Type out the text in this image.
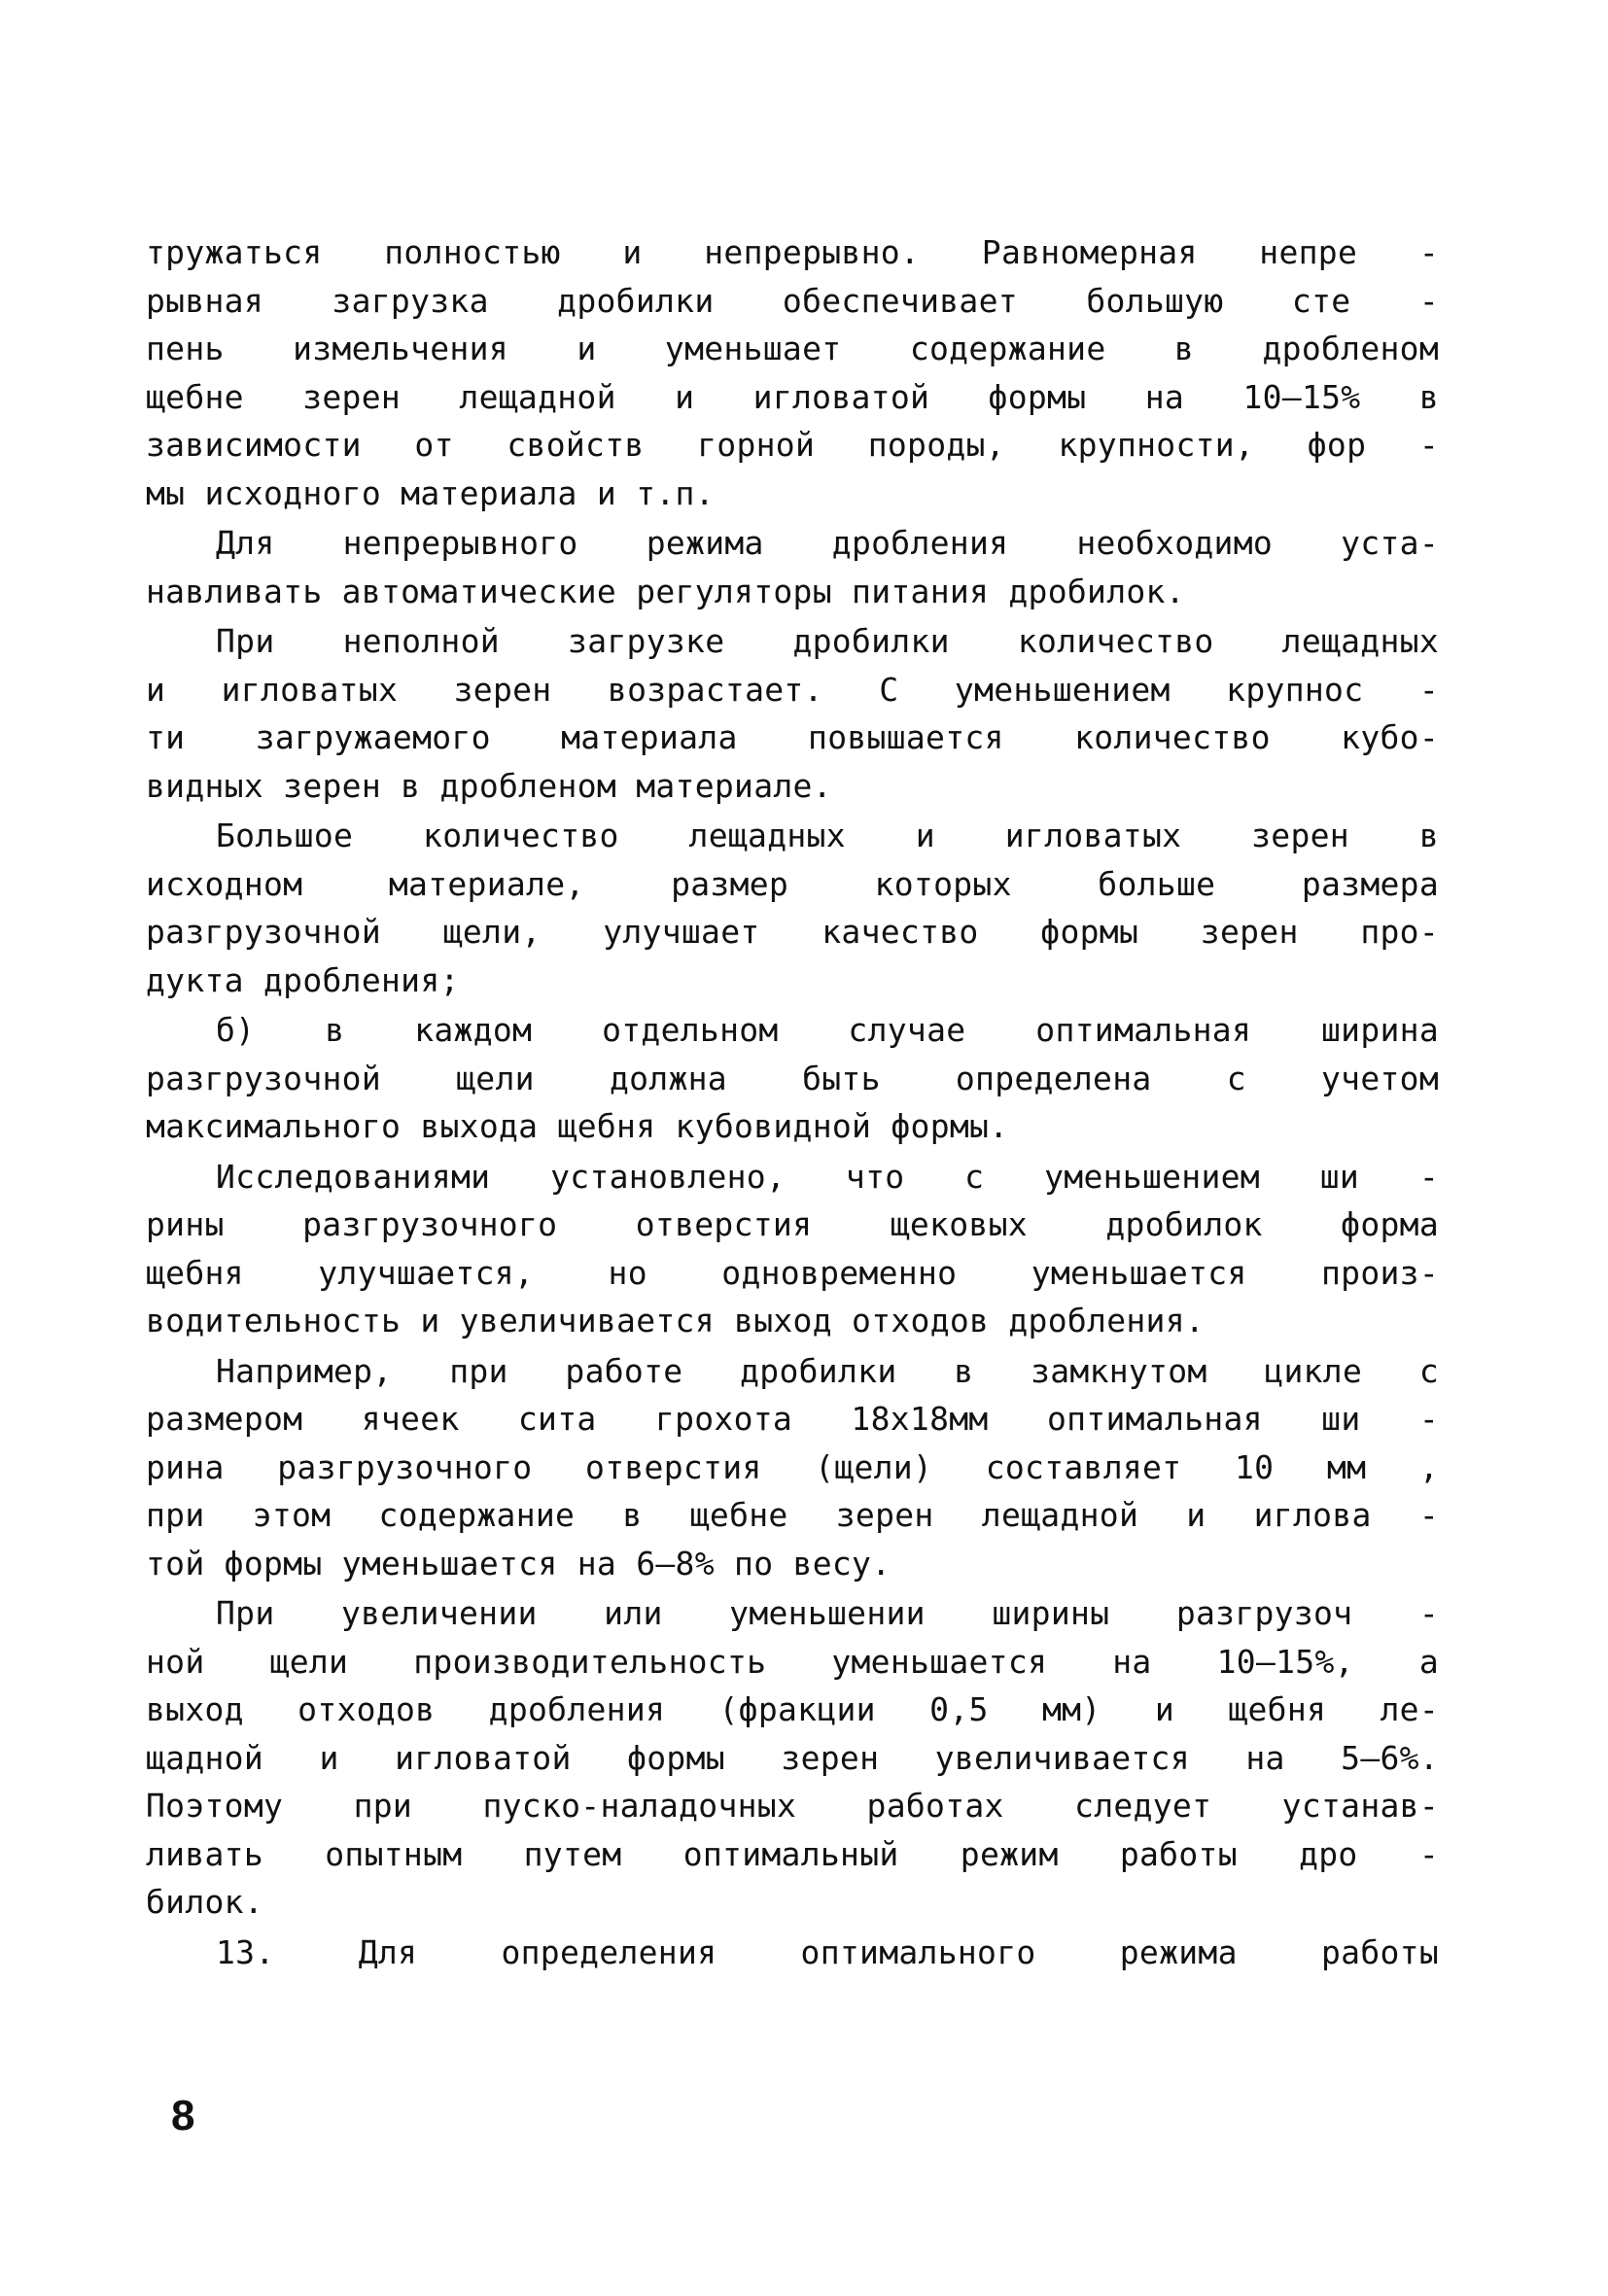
тружаться полностью и непрерывно. Равномерная непре -
рывная загрузка дробилки обеспечивает большую сте -
пень измельчения и уменьшает содержание в дробленом
щебне зерен лещадной и игловатой формы на 10–15% в
зависимости от свойств горной породы, крупности, фор -
мы исходного материала и т.п.
Для непрерывного режима дробления необходимо уста-
навливать автоматические регуляторы питания дробилок.
При неполной загрузке дробилки количество лещадных
и игловатых зерен возрастает. С уменьшением крупнос -
ти загружаемого материала повышается количество кубо-
видных зерен в дробленом материале.
Большое количество лещадных и игловатых зерен в
исходном материале, размер которых больше размера
разгрузочной щели, улучшает качество формы зерен про-
дукта дробления;
б) в каждом отдельном случае оптимальная ширина
разгрузочной щели должна быть определена с учетом
максимального выхода щебня кубовидной формы.
Исследованиями установлено, что с уменьшением ши -
рины разгрузочного отверстия щековых дробилок форма
щебня улучшается, но одновременно уменьшается произ-
водительность и увеличивается выход отходов дробления.
Например, при работе дробилки в замкнутом цикле с
размером ячеек сита грохота 18х18мм оптимальная ши -
рина разгрузочного отверстия (щели) составляет 10 мм ,
при этом содержание в щебне зерен лещадной и иглова -
той формы уменьшается на 6–8% по весу.
При увеличении или уменьшении ширины разгрузоч -
ной щели производительность уменьшается на 10–15%, а
выход отходов дробления (фракции 0,5 мм) и щебня ле-
щадной и игловатой формы зерен увеличивается на 5–6%.
Поэтому при пуско-наладочных работах следует устанав-
ливать опытным путем оптимальный режим работы дро -
билок.
13. Для определения оптимального режима работы
8
